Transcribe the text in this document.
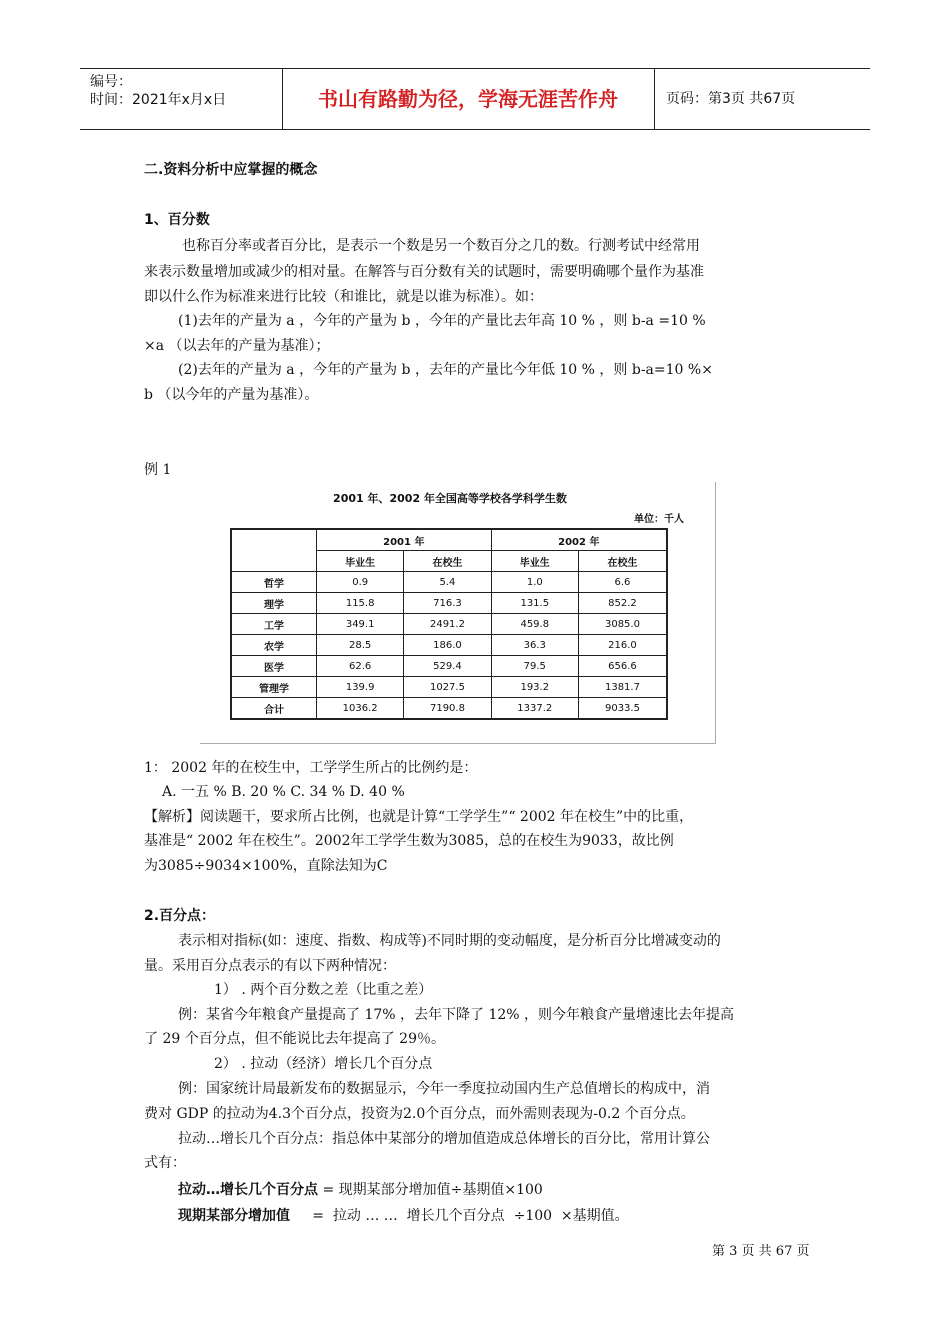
编号：
时间：2021年x月x日	书山有路勤为径，学海无涯苦作舟	页码：第3页 共67页
二.资料分析中应掌握的概念
1、百分数
也称百分率或者百分比，是表示一个数是另一个数百分之几的数。行测考试中经常用
来表示数量增加或减少的相对量。在解答与百分数有关的试题时，需要明确哪个量作为基准
即以什么作为标准来进行比较（和谁比，就是以谁为标准）。如：
(1)去年的产量为 a ，今年的产量为 b ，今年的产量比去年高 10 % ，则 b-a =10 %
×a （以去年的产量为基准）；
(2)去年的产量为 a ，今年的产量为 b ，去年的产量比今年低 10 % ，则 b-a=10 %×
b （以今年的产量为基准）。
例 1
2001 年、2002 年全国高等学校各学科学生数
单位：千人
	2001 年		2002 年	
	毕业生	在校生	毕业生	在校生
哲学	0.9	5.4	1.0	6.6
理学	115.8	716.3	131.5	852.2
工学	349.1	2491.2	459.8	3085.0
农学	28.5	186.0	36.3	216.0
医学	62.6	529.4	79.5	656.6
管理学	139.9	1027.5	193.2	1381.7
合计	1036.2	7190.8	1337.2	9033.5
1： 2002 年的在校生中，工学学生所占的比例约是：
A. 一五 % B. 20 % C. 34 % D. 40 %
【解析】阅读题干，要求所占比例，也就是计算“工学学生”“ 2002 年在校生”中的比重，
基准是“ 2002 年在校生”。2002年工学学生数为3085，总的在校生为9033，故比例
为3085÷9034×100%，直除法知为C
2.百分点：
表示相对指标(如：速度、指数、构成等)不同时期的变动幅度，是分析百分比增减变动的
量。采用百分点表示的有以下两种情况：
1） . 两个百分数之差（比重之差）
例：某省今年粮食产量提高了 17% ，去年下降了 12% ，则今年粮食产量增速比去年提高
了 29 个百分点，但不能说比去年提高了 29％。
2） . 拉动（经济）增长几个百分点
例：国家统计局最新发布的数据显示，今年一季度拉动国内生产总值增长的构成中，消
费对 GDP 的拉动为4.3个百分点，投资为2.0个百分点，而外需则表现为-0.2 个百分点。
拉动…增长几个百分点：指总体中某部分的增加值造成总体增长的百分比，常用计算公
式有：
拉动…增长几个百分点 = 现期某部分增加值÷基期值×100
现期某部分增加值     =  拉动 … …  增长几个百分点  ÷100  ×基期值。
第 3 页 共 67 页
